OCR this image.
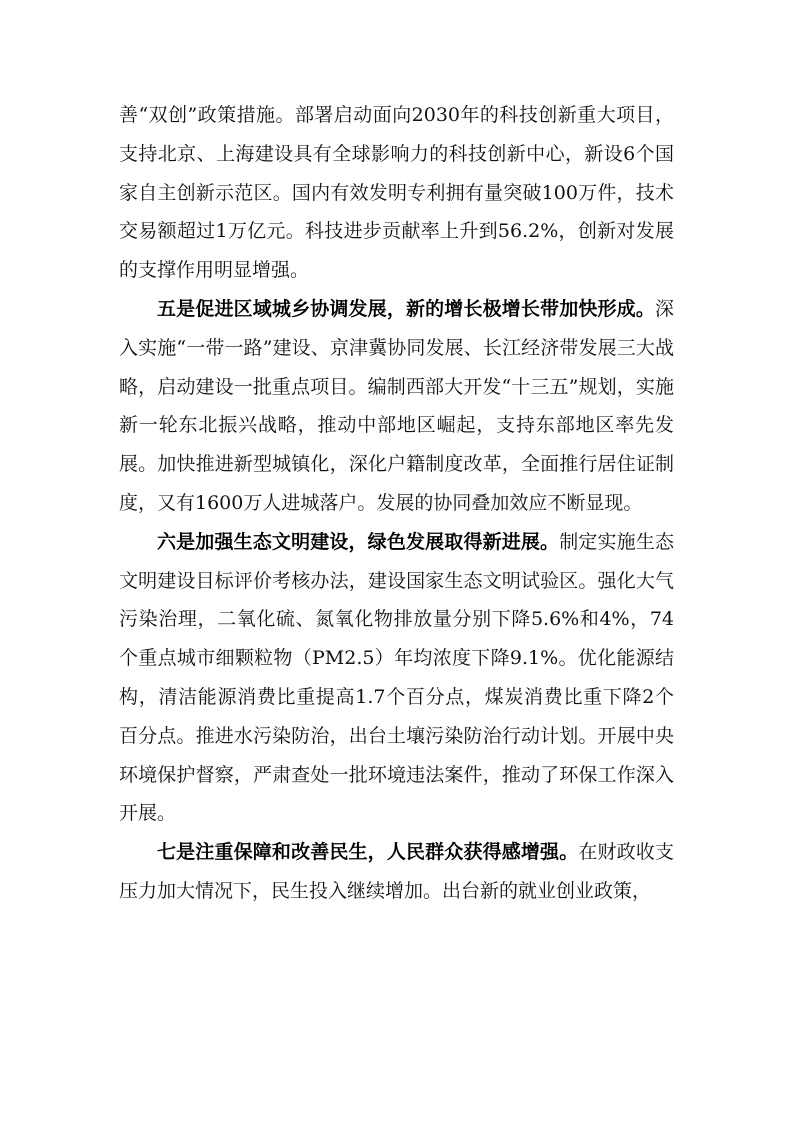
善“双创”政策措施。部署启动面向2030年的科技创新重大项目，支持北京、上海建设具有全球影响力的科技创新中心，新设6个国家自主创新示范区。国内有效发明专利拥有量突破100万件，技术交易额超过1万亿元。科技进步贡献率上升到56.2%，创新对发展的支撑作用明显增强。

五是促进区域城乡协调发展，新的增长极增长带加快形成。深入实施“一带一路”建设、京津冀协同发展、长江经济带发展三大战略，启动建设一批重点项目。编制西部大开发“十三五”规划，实施新一轮东北振兴战略，推动中部地区崛起，支持东部地区率先发展。加快推进新型城镇化，深化户籍制度改革，全面推行居住证制度，又有1600万人进城落户。发展的协同叠加效应不断显现。

六是加强生态文明建设，绿色发展取得新进展。制定实施生态文明建设目标评价考核办法，建设国家生态文明试验区。强化大气污染治理，二氧化硫、氮氧化物排放量分别下降5.6%和4%，74个重点城市细颗粒物（PM2.5）年均浓度下降9.1%。优化能源结构，清洁能源消费比重提高1.7个百分点，煤炭消费比重下降2个百分点。推进水污染防治，出台土壤污染防治行动计划。开展中央环境保护督察，严肃查处一批环境违法案件，推动了环保工作深入开展。

七是注重保障和改善民生，人民群众获得感增强。在财政收支压力加大情况下，民生投入继续增加。出台新的就业创业政策，
